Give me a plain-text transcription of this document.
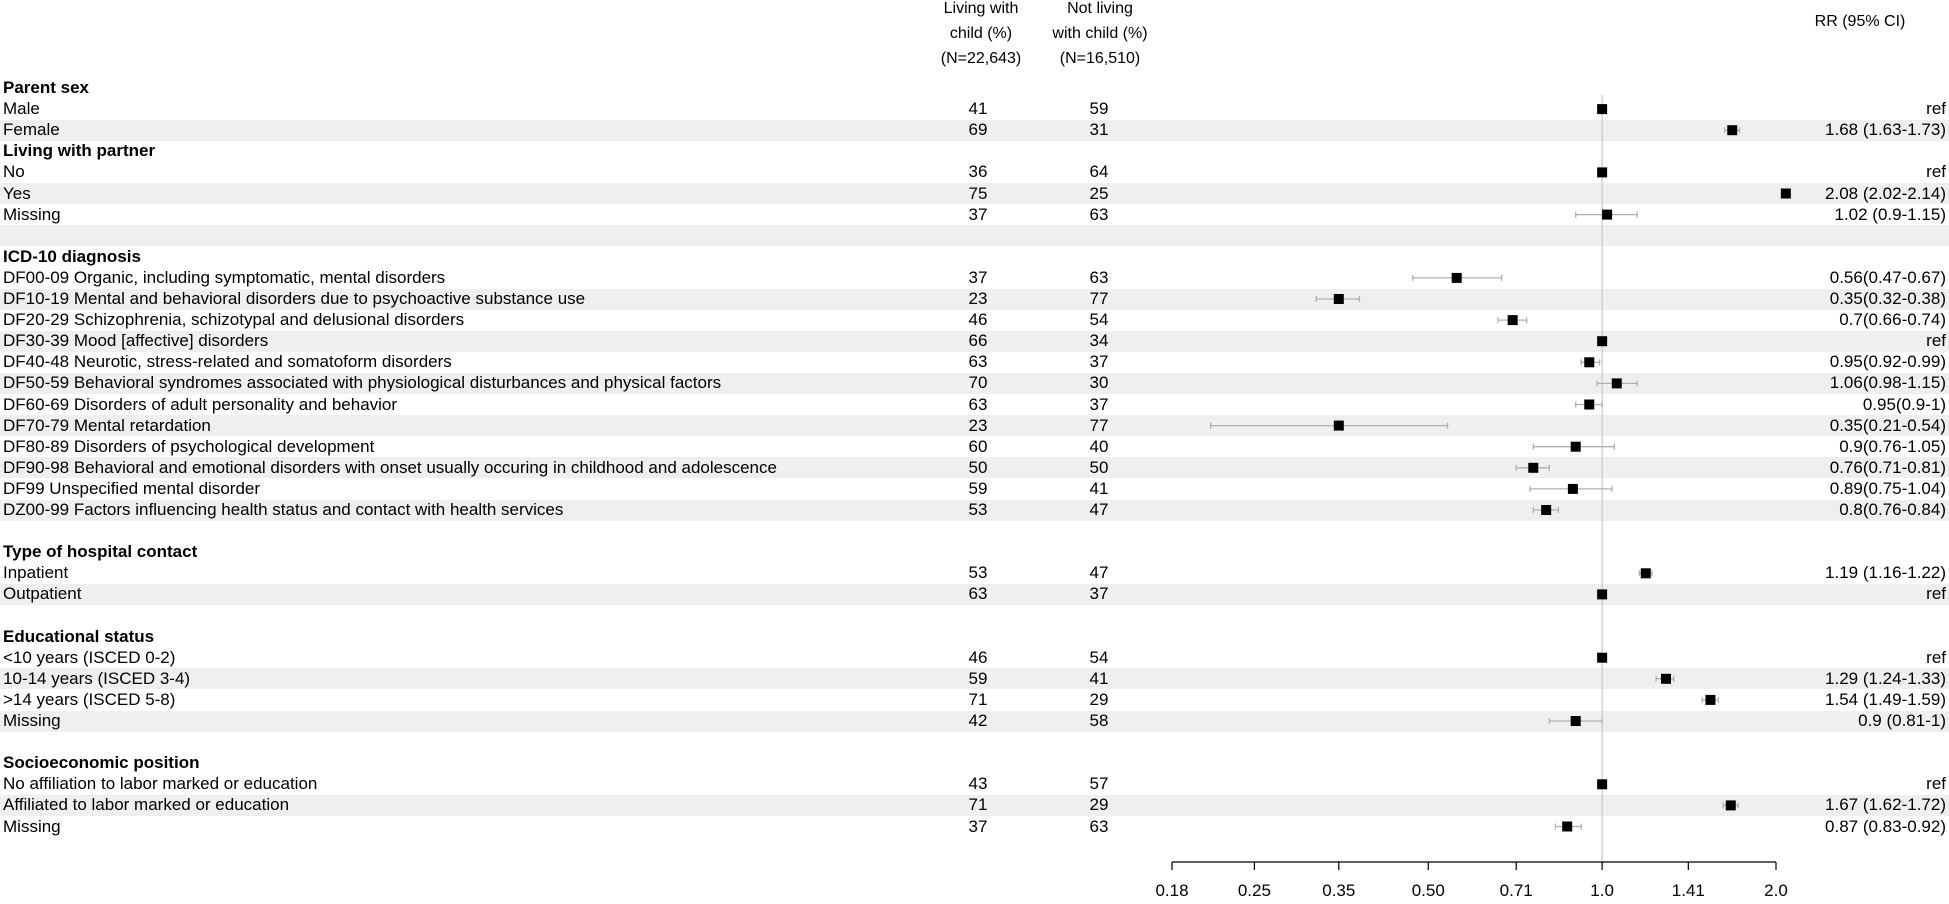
Living with
child (%)
(N=22,643)
Not living
with child (%)
(N=16,510)
RR (95% CI)
Parent sex
Male	41	59	ref
Female	69	31	1.68 (1.63-1.73)
Living with partner
No	36	64	ref
Yes	75	25	2.08 (2.02-2.14)
Missing	37	63	1.02 (0.9-1.15)
ICD-10 diagnosis
DF00-09 Organic, including symptomatic, mental disorders	37	63	0.56(0.47-0.67)
DF10-19 Mental and behavioral disorders due to psychoactive substance use	23	77	0.35(0.32-0.38)
DF20-29 Schizophrenia, schizotypal and delusional disorders	46	54	0.7(0.66-0.74)
DF30-39 Mood [affective] disorders	66	34	ref
DF40-48 Neurotic, stress-related and somatoform disorders	63	37	0.95(0.92-0.99)
DF50-59 Behavioral syndromes associated with physiological disturbances and physical factors	70	30	1.06(0.98-1.15)
DF60-69 Disorders of adult personality and behavior	63	37	0.95(0.9-1)
DF70-79 Mental retardation	23	77	0.35(0.21-0.54)
DF80-89 Disorders of psychological development	60	40	0.9(0.76-1.05)
DF90-98 Behavioral and emotional disorders with onset usually occuring in childhood and adolescence	50	50	0.76(0.71-0.81)
DF99 Unspecified mental disorder	59	41	0.89(0.75-1.04)
DZ00-99 Factors influencing health status and contact with health services	53	47	0.8(0.76-0.84)
Type of hospital contact
Inpatient	53	47	1.19 (1.16-1.22)
Outpatient	63	37	ref
Educational status
<10 years (ISCED 0-2)	46	54	ref
10-14 years (ISCED 3-4)	59	41	1.29 (1.24-1.33)
>14 years (ISCED 5-8)	71	29	1.54 (1.49-1.59)
Missing	42	58	0.9 (0.81-1)
Socioeconomic position
No affiliation to labor marked or education	43	57	ref
Affiliated to labor marked or education	71	29	1.67 (1.62-1.72)
Missing	37	63	0.87 (0.83-0.92)
0.18	0.25	0.35	0.50	0.71	1.0	1.41	2.0
